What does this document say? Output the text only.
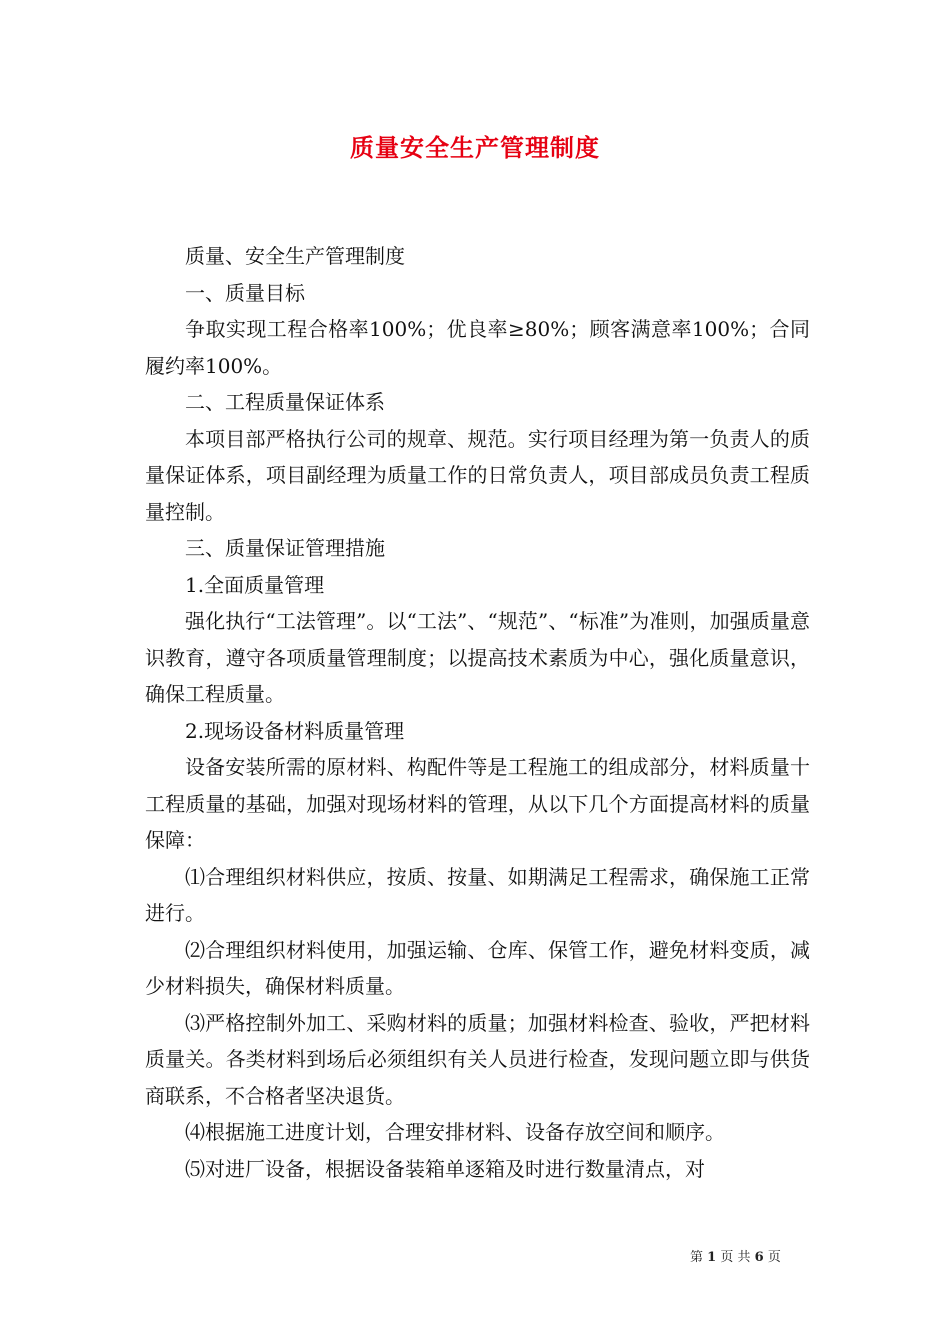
质量安全生产管理制度

质量、安全生产管理制度

一、质量目标

争取实现工程合格率100%；优良率≥80%；顾客满意率100%；合同履约率100%。

二、工程质量保证体系

本项目部严格执行公司的规章、规范。实行项目经理为第一负责人的质量保证体系，项目副经理为质量工作的日常负责人，项目部成员负责工程质量控制。

三、质量保证管理措施

1.全面质量管理

强化执行“工法管理”。以“工法”、“规范”、“标准”为准则，加强质量意识教育，遵守各项质量管理制度；以提高技术素质为中心，强化质量意识，确保工程质量。

2.现场设备材料质量管理

设备安装所需的原材料、构配件等是工程施工的组成部分，材料质量十工程质量的基础，加强对现场材料的管理，从以下几个方面提高材料的质量保障：

⑴合理组织材料供应，按质、按量、如期满足工程需求，确保施工正常进行。

⑵合理组织材料使用，加强运输、仓库、保管工作，避免材料变质，减少材料损失，确保材料质量。

⑶严格控制外加工、采购材料的质量；加强材料检查、验收，严把材料质量关。各类材料到场后必须组织有关人员进行检查，发现问题立即与供货商联系，不合格者坚决退货。

⑷根据施工进度计划，合理安排材料、设备存放空间和顺序。

⑸对进厂设备，根据设备装箱单逐箱及时进行数量清点，对

第 1 页 共 6 页
